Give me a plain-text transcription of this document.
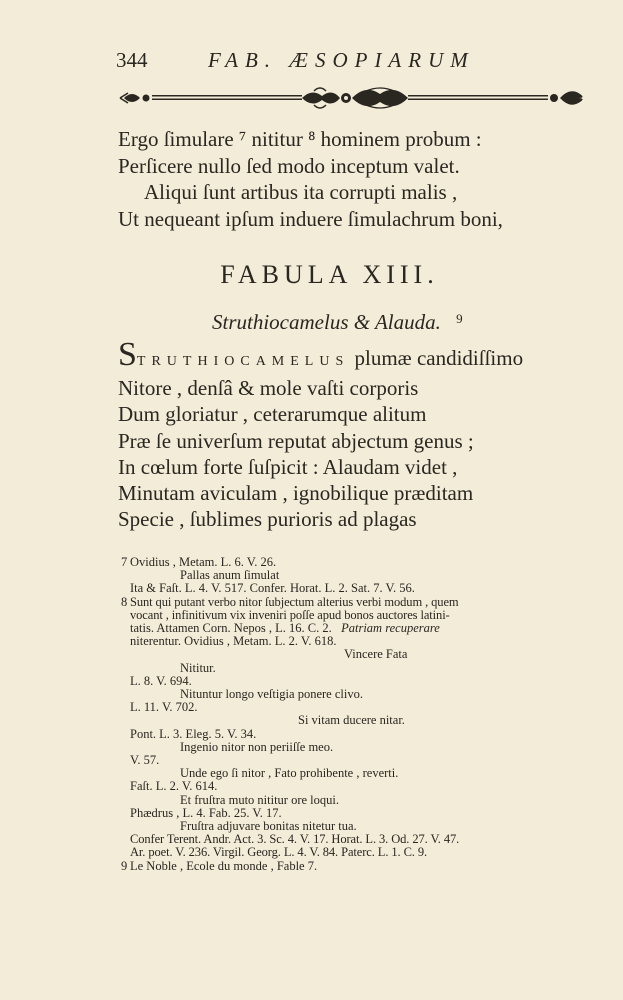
344	FAB. ÆSOPIARUM
Ergo ſimulare ⁷ nititur ⁸ hominem probum :
Perſicere nullo ſed modo inceptum valet.
Aliqui ſunt artibus ita corrupti malis ,
Ut nequeant ipſum induere ſimulachrum boni,
FABULA XIII.
Struthiocamelus & Alauda. $^9$
STRUTHIOCAMELUS plumæ candidiſſimo
Nitore , denſâ & mole vaſti corporis
Dum gloriatur , ceterarumque alitum
Præ ſe univerſum reputat abjectum genus ;
In cœlum forte ſuſpicit : Alaudam videt ,
Minutam aviculam , ignobilique præditam
Specie , ſublimes purioris ad plagas
7 Ovidius , Metam. L. 6. V. 26.
Pallas anum ſimulat
Ita & Faſt. L. 4. V. 517. Confer. Horat. L. 2. Sat. 7. V. 56.
8 Sunt qui putant verbo nitor ſubjectum alterius verbi modum , quem
vocant , infinitivum vix inveniri poſſe apud bonos auctores latini-
tatis. Attamen Corn. Nepos , L. 16. C. 2. Patriam recuperare
niterentur. Ovidius , Metam. L. 2. V. 618.
Vincere Fata
Nititur.
L. 8. V. 694.
Nituntur longo veſtigia ponere clivo.
L. 11. V. 702.
Si vitam ducere nitar.
Pont. L. 3. Eleg. 5. V. 34.
Ingenio nitor non periiſſe meo.
V. 57.
Unde ego ſi nitor , Fato prohibente , reverti.
Faſt. L. 2. V. 614.
Et fruſtra muto nititur ore loqui.
Phædrus , L. 4. Fab. 25. V. 17.
Fruſtra adjuvare bonitas nitetur tua.
Confer Terent. Andr. Act. 3. Sc. 4. V. 17. Horat. L. 3. Od. 27. V. 47.
Ar. poet. V. 236. Virgil. Georg. L. 4. V. 84. Paterc. L. 1. C. 9.
9 Le Noble , Ecole du monde , Fable 7.
